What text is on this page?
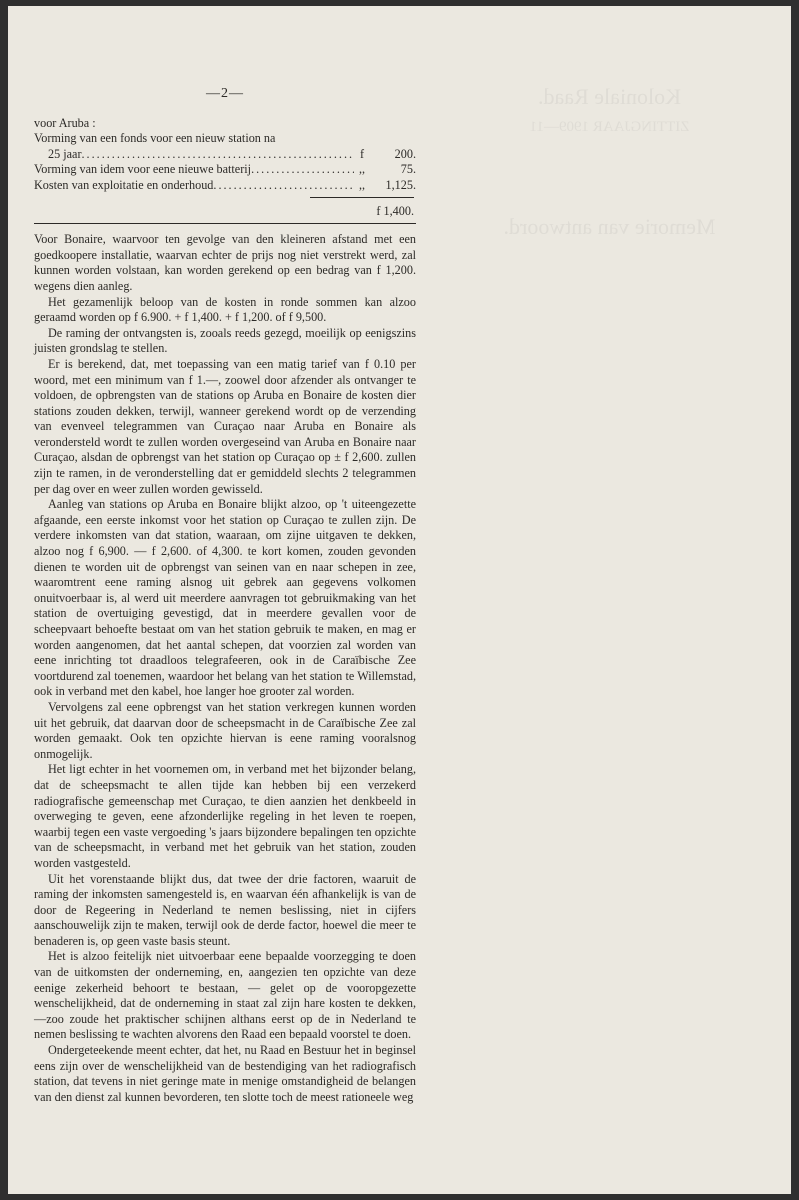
Koloniale Raad.
ZITTINGJAAR 1909—11
Memorie van antwoord.
—2—

voor Aruba :

Vorming van een fonds voor een nieuw station na
25 jaar .....	f	200.
Vorming van idem voor eene nieuwe batterij .....	,,	75.
Kosten van exploitatie en onderhoud .....	,,	1,125.
f 1,400.

Voor Bonaire, waarvoor ten gevolge van den kleineren afstand met een goedkoopere installatie, waarvan echter de prijs nog niet verstrekt werd, zal kunnen worden volstaan, kan worden gerekend op een bedrag van f 1,200. wegens dien aanleg.

Het gezamenlijk beloop van de kosten in ronde sommen kan alzoo geraamd worden op f 6.900. + f 1,400. + f 1,200. of f 9,500.

De raming der ontvangsten is, zooals reeds gezegd, moeilijk op eenigszins juisten grondslag te stellen.

Er is berekend, dat, met toepassing van een matig tarief van f 0.10 per woord, met een minimum van f 1.—, zoowel door afzender als ontvanger te voldoen, de opbrengsten van de stations op Aruba en Bonaire de kosten dier stations zouden dekken, terwijl, wanneer gerekend wordt op de verzending van evenveel telegrammen van Curaçao naar Aruba en Bonaire als verondersteld wordt te zullen worden overgeseind van Aruba en Bonaire naar Curaçao, alsdan de opbrengst van het station op Curaçao op ± f 2,600. zullen zijn te ramen, in de veronderstelling dat er gemiddeld slechts 2 telegrammen per dag over en weer zullen worden gewisseld.

Aanleg van stations op Aruba en Bonaire blijkt alzoo, op 't uiteengezette afgaande, een eerste inkomst voor het station op Curaçao te zullen zijn. De verdere inkomsten van dat station, waaraan, om zijne uitgaven te dekken, alzoo nog f 6,900. — f 2,600. of 4,300. te kort komen, zouden gevonden dienen te worden uit de opbrengst van seinen van en naar schepen in zee, waaromtrent eene raming alsnog uit gebrek aan gegevens volkomen onuitvoerbaar is, al werd uit meerdere aanvragen tot gebruikmaking van het station de overtuiging gevestigd, dat in meerdere gevallen voor de scheepvaart behoefte bestaat om van het station gebruik te maken, en mag er worden aangenomen, dat het aantal schepen, dat voorzien zal worden van eene inrichting tot draadloos telegrafeeren, ook in de Caraïbische Zee voortdurend zal toenemen, waardoor het belang van het station te Willemstad, ook in verband met den kabel, hoe langer hoe grooter zal worden.

Vervolgens zal eene opbrengst van het station verkregen kunnen worden uit het gebruik, dat daarvan door de scheepsmacht in de Caraïbische Zee zal worden gemaakt. Ook ten opzichte hiervan is eene raming vooralsnog onmogelijk.

Het ligt echter in het voornemen om, in verband met het bijzonder belang, dat de scheepsmacht te allen tijde kan hebben bij een verzekerd radiografische gemeenschap met Curaçao, te dien aanzien het denkbeeld in overweging te geven, eene afzonderlijke regeling in het leven te roepen, waarbij tegen een vaste vergoeding 's jaars bijzondere bepalingen ten opzichte van de scheepsmacht, in verband met het gebruik van het station, zouden worden vastgesteld.

Uit het vorenstaande blijkt dus, dat twee der drie factoren, waaruit de raming der inkomsten samengesteld is, en waarvan één afhankelijk is van de door de Regeering in Nederland te nemen beslissing, niet in cijfers aanschouwelijk zijn te maken, terwijl ook de derde factor, hoewel die meer te benaderen is, op geen vaste basis steunt.

Het is alzoo feitelijk niet uitvoerbaar eene bepaalde voorzegging te doen van de uitkomsten der onderneming, en, aangezien ten opzichte van deze eenige zekerheid behoort te bestaan, — gelet op de vooropgezette wenschelijkheid, dat de onderneming in staat zal zijn hare kosten te dekken,—zoo zoude het praktischer schijnen althans eerst op de in Nederland te nemen beslissing te wachten alvorens den Raad een bepaald voorstel te doen.

Ondergeteekende meent echter, dat het, nu Raad en Bestuur het in beginsel eens zijn over de wenschelijkheid van de bestendiging van het radiografisch station, dat tevens in niet geringe mate in menige omstandigheid de belangen van den dienst zal kunnen bevorderen, ten slotte toch de meest rationeele weg
